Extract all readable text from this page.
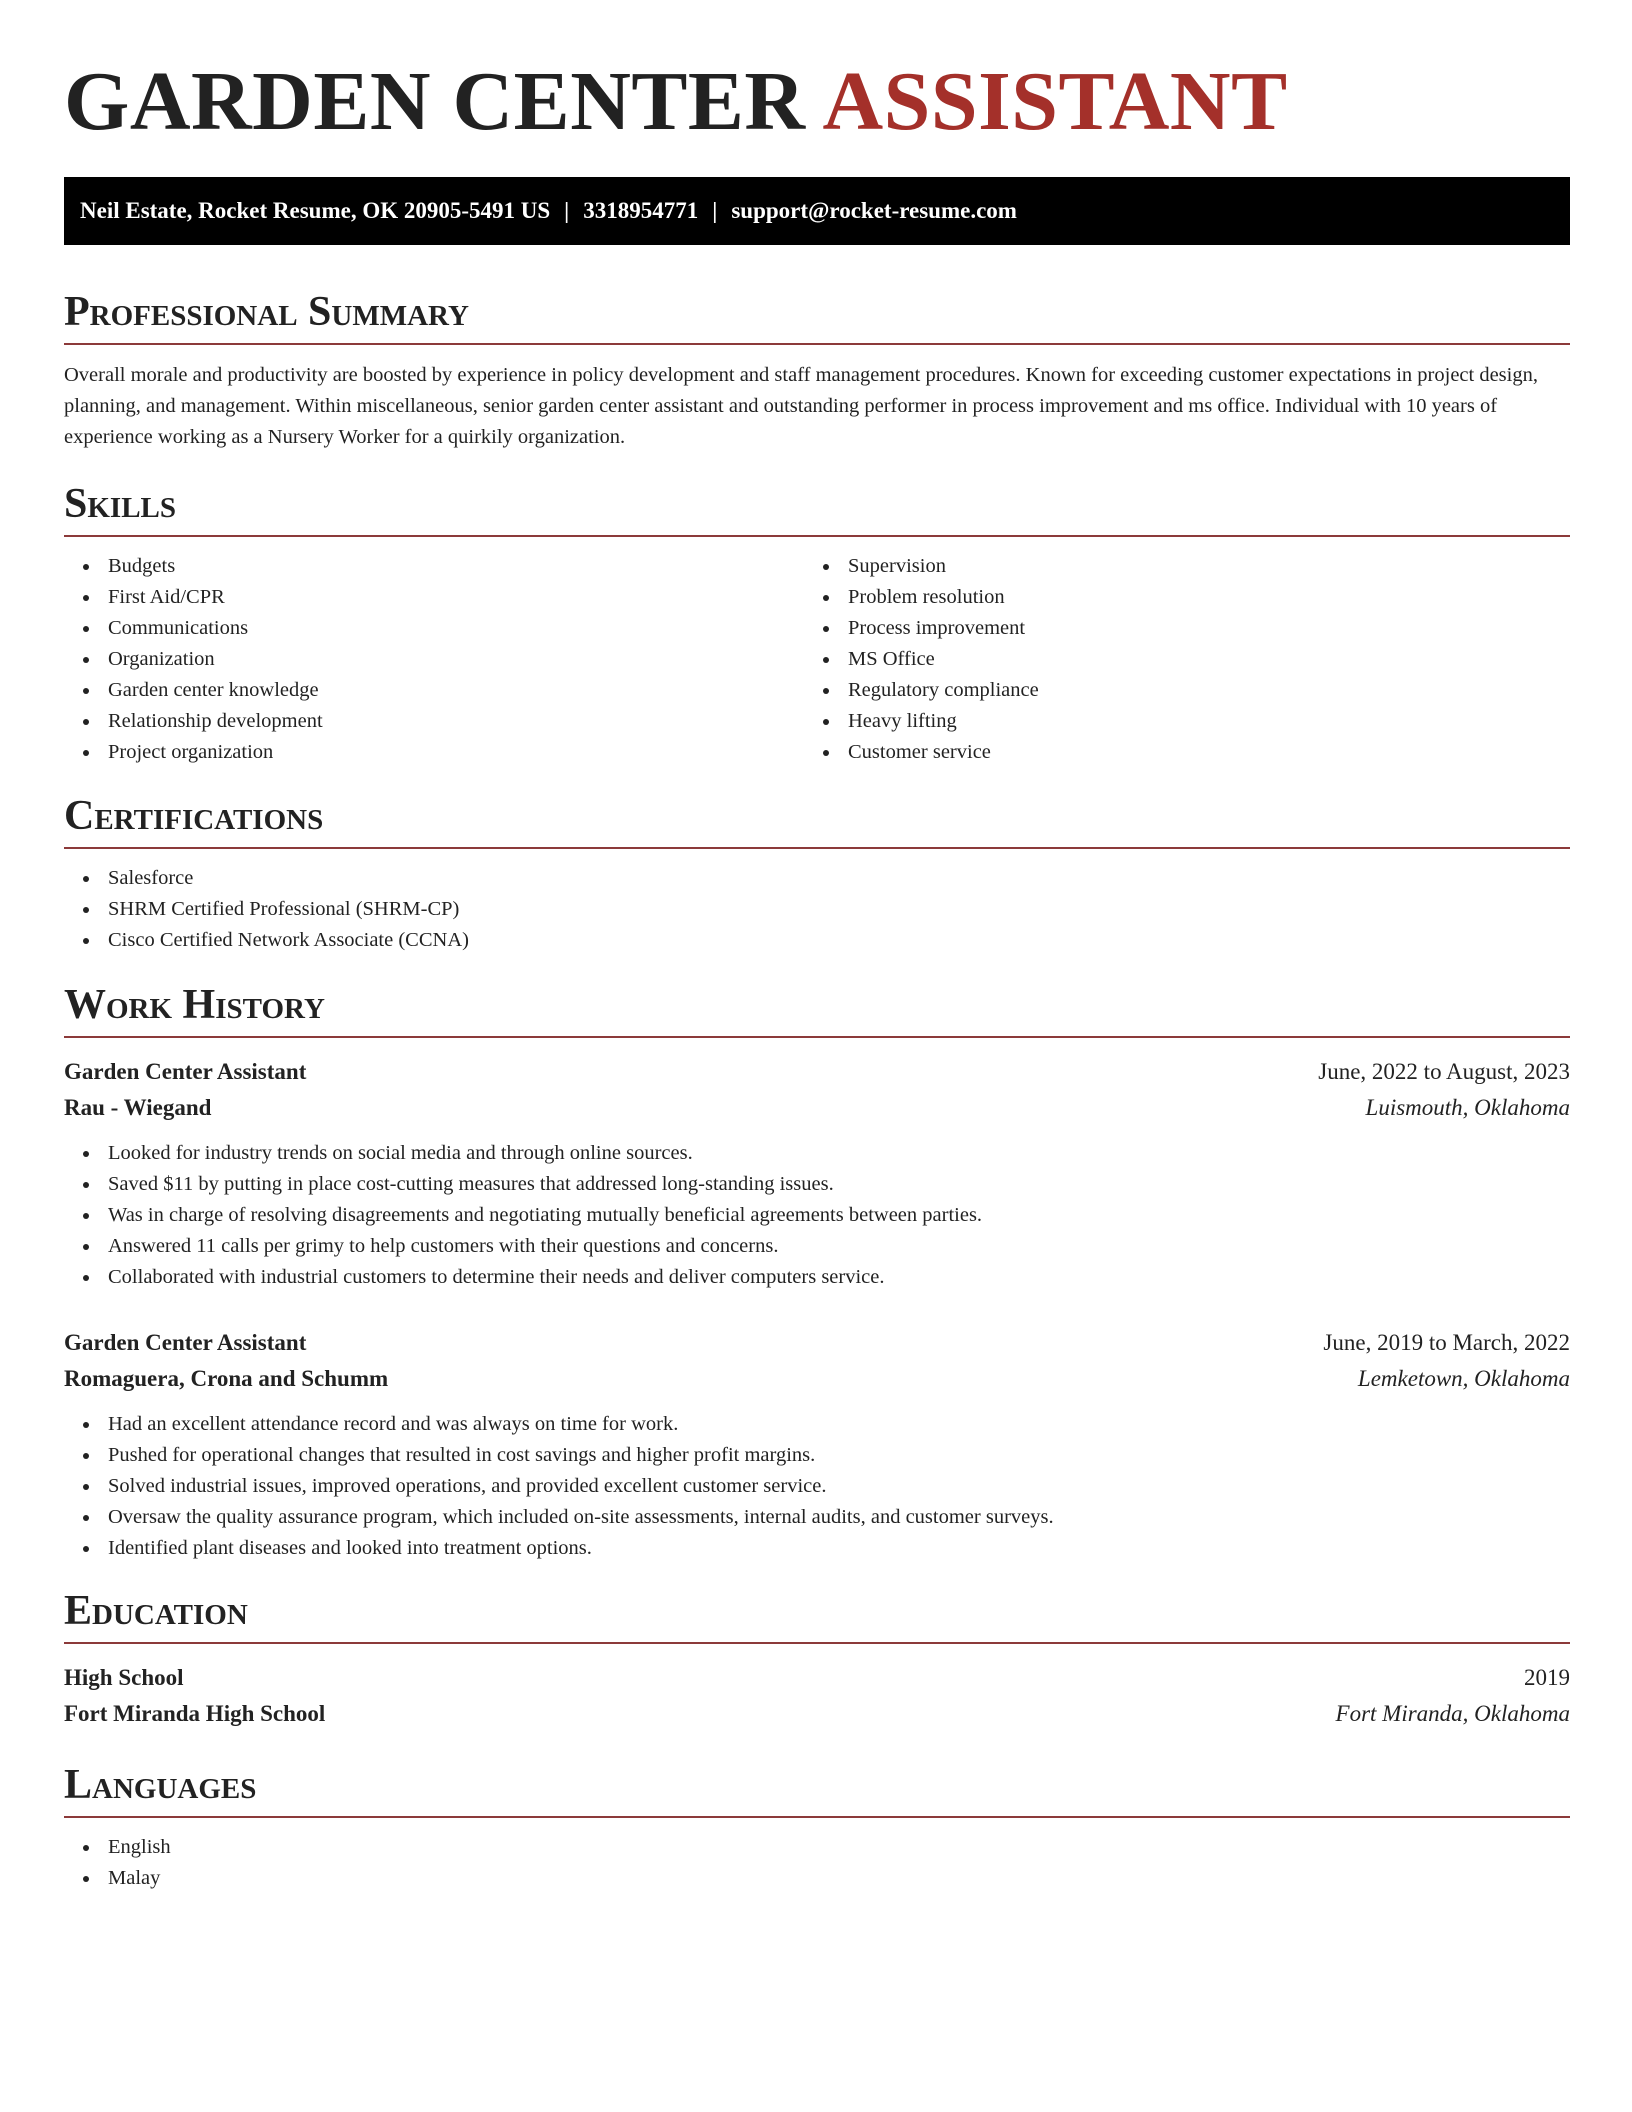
GARDEN CENTER ASSISTANT
Neil Estate, Rocket Resume, OK 20905-5491 US | 3318954771 | support@rocket-resume.com
Professional Summary

Overall morale and productivity are boosted by experience in policy development and staff management procedures. Known for exceeding customer expectations in project design, planning, and management. Within miscellaneous, senior garden center assistant and outstanding performer in process improvement and ms office. Individual with 10 years of experience working as a Nursery Worker for a quirkily organization.

Skills
Budgets
First Aid/CPR
Communications
Organization
Garden center knowledge
Relationship development
Project organization
Supervision
Problem resolution
Process improvement
MS Office
Regulatory compliance
Heavy lifting
Customer service
Certifications
Salesforce
SHRM Certified Professional (SHRM-CP)
Cisco Certified Network Associate (CCNA)
Work History
Garden Center Assistant	June, 2022 to August, 2023
Rau - Wiegand	Luismouth, Oklahoma
Looked for industry trends on social media and through online sources.
Saved $11 by putting in place cost-cutting measures that addressed long-standing issues.
Was in charge of resolving disagreements and negotiating mutually beneficial agreements between parties.
Answered 11 calls per grimy to help customers with their questions and concerns.
Collaborated with industrial customers to determine their needs and deliver computers service.
Garden Center Assistant	June, 2019 to March, 2022
Romaguera, Crona and Schumm	Lemketown, Oklahoma
Had an excellent attendance record and was always on time for work.
Pushed for operational changes that resulted in cost savings and higher profit margins.
Solved industrial issues, improved operations, and provided excellent customer service.
Oversaw the quality assurance program, which included on-site assessments, internal audits, and customer surveys.
Identified plant diseases and looked into treatment options.
Education
High School	2019
Fort Miranda High School	Fort Miranda, Oklahoma
Languages
English
Malay
